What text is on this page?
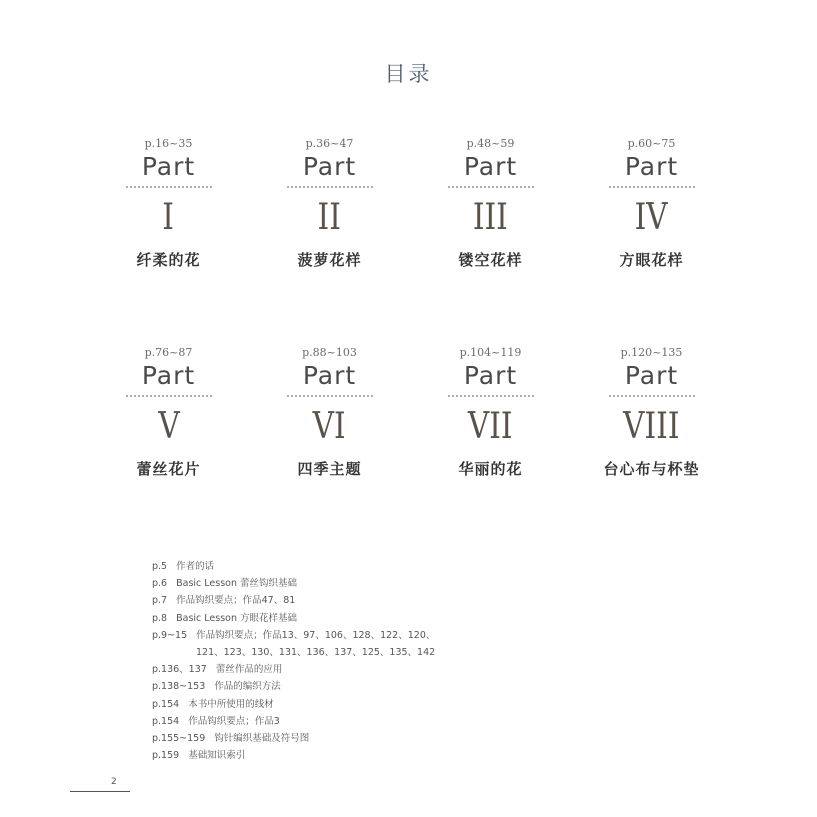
目录
p.16~35
Part
I
纤柔的花
p.36~47
Part
II
菠萝花样
p.48~59
Part
III
镂空花样
p.60~75
Part
IV
方眼花样
p.76~87
Part
V
蕾丝花片
p.88~103
Part
VI
四季主题
p.104~119
Part
VII
华丽的花
p.120~135
Part
VIII
台心布与杯垫
p.5 作者的话
p.6 Basic Lesson 蕾丝钩织基础
p.7 作品钩织要点；作品47、81
p.8 Basic Lesson 方眼花样基础
p.9~15 作品钩织要点；作品13、97、106、128、122、120、
121、123、130、131、136、137、125、135、142
p.136、137 蕾丝作品的应用
p.138~153 作品的编织方法
p.154 本书中所使用的线材
p.154 作品钩织要点；作品3
p.155~159 钩针编织基础及符号图
p.159 基础知识索引
2
